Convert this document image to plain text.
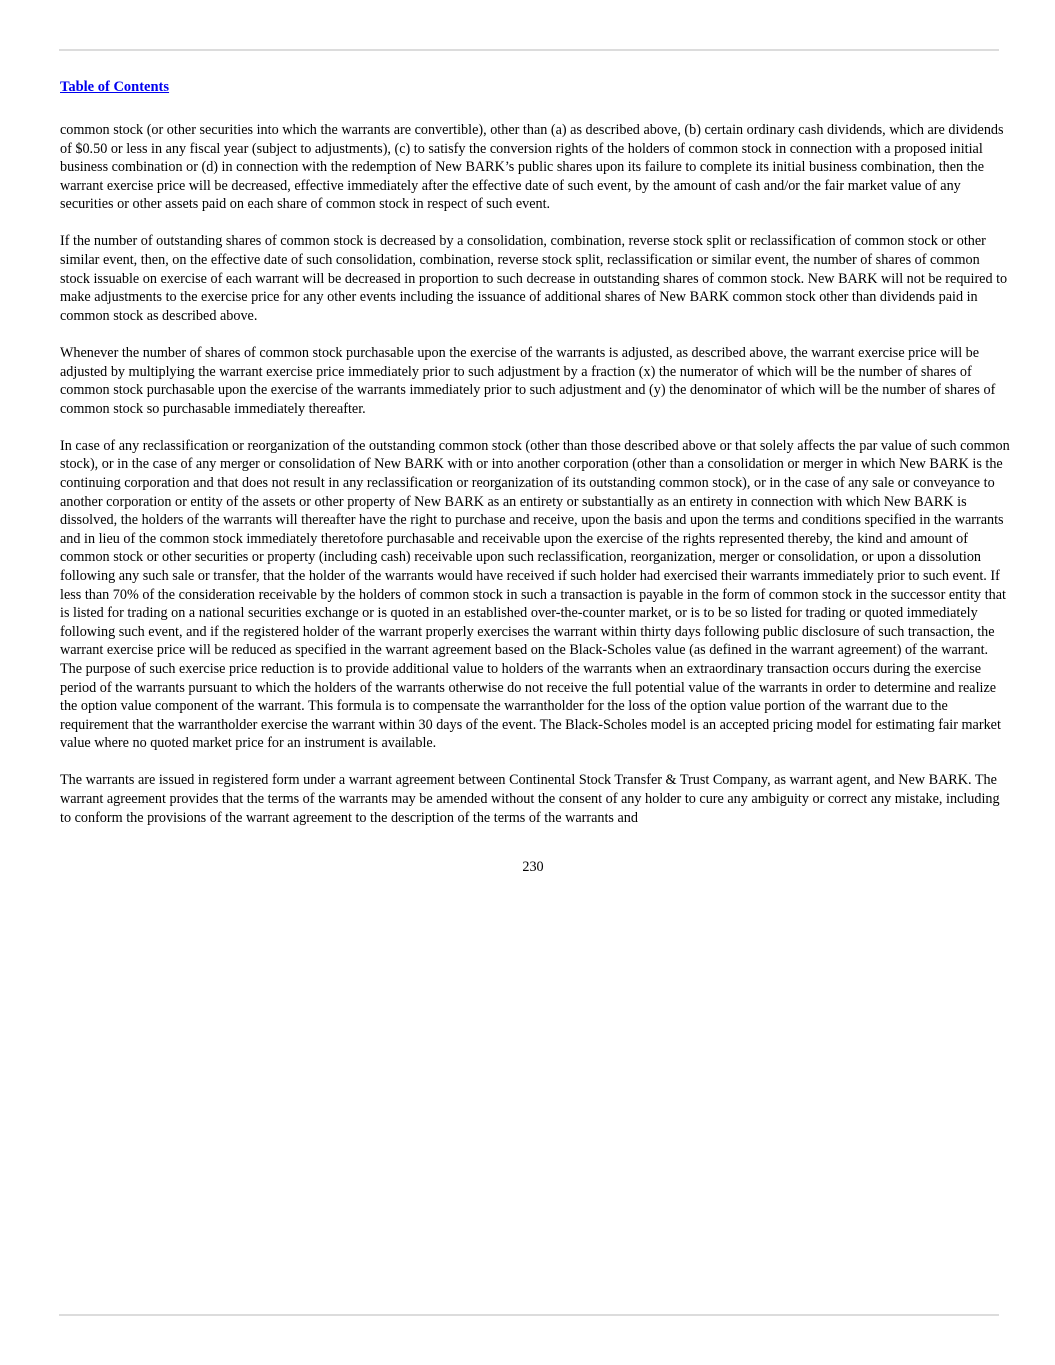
Table of Contents

common stock (or other securities into which the warrants are convertible), other than (a) as described above, (b) certain ordinary cash dividends, which are dividends of $0.50 or less in any fiscal year (subject to adjustments), (c) to satisfy the conversion rights of the holders of common stock in connection with a proposed initial business combination or (d) in connection with the redemption of New BARK’s public shares upon its failure to complete its initial business combination, then the warrant exercise price will be decreased, effective immediately after the effective date of such event, by the amount of cash and/or the fair market value of any securities or other assets paid on each share of common stock in respect of such event.

If the number of outstanding shares of common stock is decreased by a consolidation, combination, reverse stock split or reclassification of common stock or other similar event, then, on the effective date of such consolidation, combination, reverse stock split, reclassification or similar event, the number of shares of common stock issuable on exercise of each warrant will be decreased in proportion to such decrease in outstanding shares of common stock. New BARK will not be required to make adjustments to the exercise price for any other events including the issuance of additional shares of New BARK common stock other than dividends paid in common stock as described above.

Whenever the number of shares of common stock purchasable upon the exercise of the warrants is adjusted, as described above, the warrant exercise price will be adjusted by multiplying the warrant exercise price immediately prior to such adjustment by a fraction (x) the numerator of which will be the number of shares of common stock purchasable upon the exercise of the warrants immediately prior to such adjustment and (y) the denominator of which will be the number of shares of common stock so purchasable immediately thereafter.

In case of any reclassification or reorganization of the outstanding common stock (other than those described above or that solely affects the par value of such common stock), or in the case of any merger or consolidation of New BARK with or into another corporation (other than a consolidation or merger in which New BARK is the continuing corporation and that does not result in any reclassification or reorganization of its outstanding common stock), or in the case of any sale or conveyance to another corporation or entity of the assets or other property of New BARK as an entirety or substantially as an entirety in connection with which New BARK is dissolved, the holders of the warrants will thereafter have the right to purchase and receive, upon the basis and upon the terms and conditions specified in the warrants and in lieu of the common stock immediately theretofore purchasable and receivable upon the exercise of the rights represented thereby, the kind and amount of common stock or other securities or property (including cash) receivable upon such reclassification, reorganization, merger or consolidation, or upon a dissolution following any such sale or transfer, that the holder of the warrants would have received if such holder had exercised their warrants immediately prior to such event. If less than 70% of the consideration receivable by the holders of common stock in such a transaction is payable in the form of common stock in the successor entity that is listed for trading on a national securities exchange or is quoted in an established over-the-counter market, or is to be so listed for trading or quoted immediately following such event, and if the registered holder of the warrant properly exercises the warrant within thirty days following public disclosure of such transaction, the warrant exercise price will be reduced as specified in the warrant agreement based on the Black-Scholes value (as defined in the warrant agreement) of the warrant. The purpose of such exercise price reduction is to provide additional value to holders of the warrants when an extraordinary transaction occurs during the exercise period of the warrants pursuant to which the holders of the warrants otherwise do not receive the full potential value of the warrants in order to determine and realize the option value component of the warrant. This formula is to compensate the warrantholder for the loss of the option value portion of the warrant due to the requirement that the warrantholder exercise the warrant within 30 days of the event. The Black-Scholes model is an accepted pricing model for estimating fair market value where no quoted market price for an instrument is available.

The warrants are issued in registered form under a warrant agreement between Continental Stock Transfer & Trust Company, as warrant agent, and New BARK. The warrant agreement provides that the terms of the warrants may be amended without the consent of any holder to cure any ambiguity or correct any mistake, including to conform the provisions of the warrant agreement to the description of the terms of the warrants and

230
